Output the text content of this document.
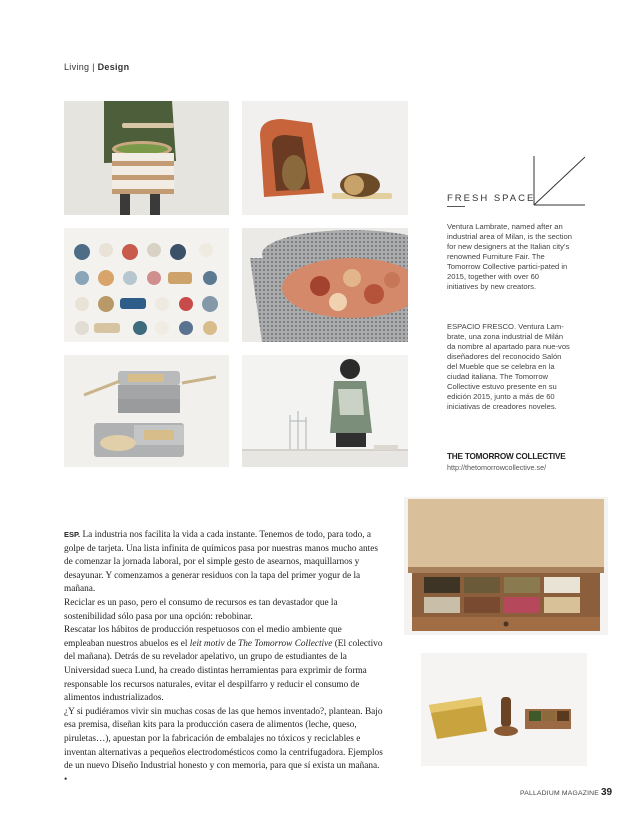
Living | Design
FRESH SPACE
Ventura Lambrate, named after an industrial area of Milan, is the section for new designers at the Italian city’s renowned Furniture Fair. The Tomorrow Collective partici-pated in 2015, together with over 60 initiatives by new creators.
ESPACIO FRESCO. Ventura Lam-brate, una zona industrial de Milán da nombre al apartado para nue-vos diseñadores del reconocido Salón del Mueble que se celebra en la ciudad italiana. The Tomorrow Collective estuvo presente en su edición 2015, junto a más de 60 iniciativas de creadores noveles.
THE TOMORROW COLLECTIVE
http://thetomorrowcollective.se/
ESP. La industria nos facilita la vida a cada instante. Tenemos de todo, para todo, a golpe de tarjeta. Una lista infinita de químicos pasa por nuestras manos mucho antes de comenzar la jornada laboral, por el simple gesto de asearnos, maquillarnos y desayunar. Y comenzamos a generar residuos con la tapa del primer yogur de la mañana.
Reciclar es un paso, pero el consumo de recursos es tan devastador que la sostenibilidad sólo pasa por una opción: rebobinar.
Rescatar los hábitos de producción respetuosos con el medio ambiente que empleaban nuestros abuelos es el leit motiv de The Tomorrow Collective (El colectivo del mañana). Detrás de su revelador apelativo, un grupo de estudiantes de la Universidad sueca Lund, ha creado distintas herramientas para exprimir de forma responsable los recursos naturales, evitar el despilfarro y reducir el consumo de alimentos industrializados.
¿Y si pudiéramos vivir sin muchas cosas de las que hemos inventado?, plantean. Bajo esa premisa, diseñan kits para la producción casera de alimentos (leche, queso, piruletas…), apuestan por la fabricación de embalajes no tóxicos y reciclables e inventan alternativas a pequeños electrodomésticos como la centrifugadora. Ejemplos de un nuevo Diseño Industrial honesto y con memoria, para que sí exista un mañana. •
PALLADIUM MAGAZINE 39
